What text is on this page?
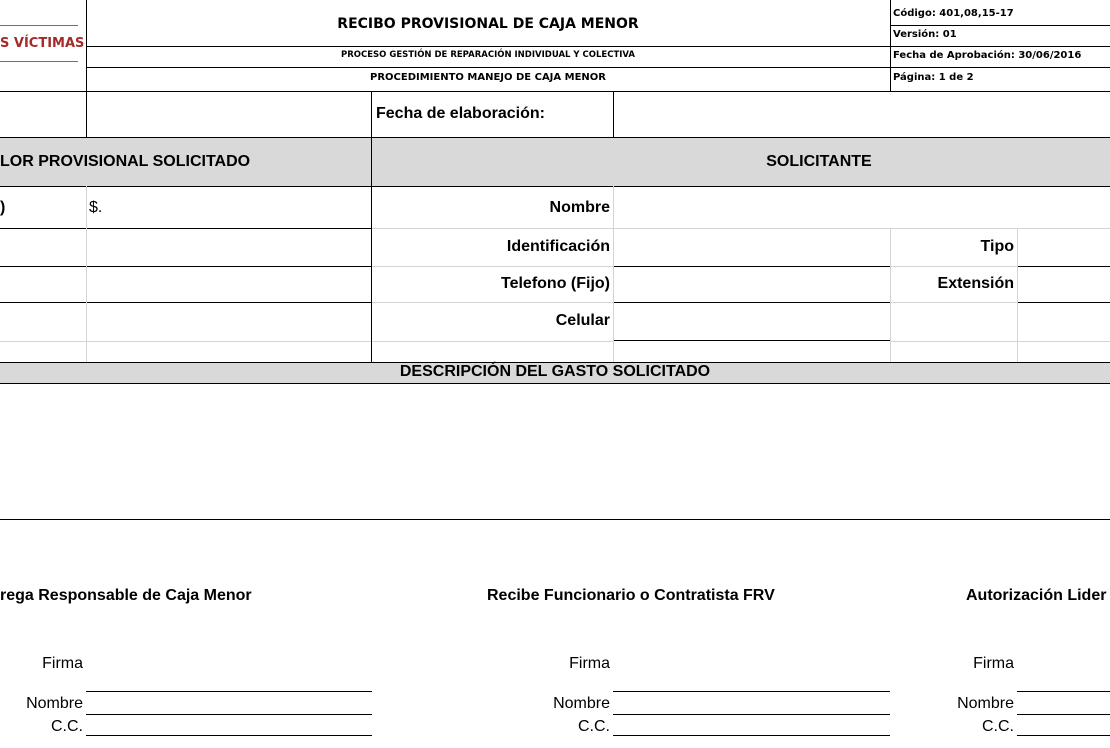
S VÍCTIMAS
RECIBO PROVISIONAL DE CAJA MENOR
PROCESO GESTIÓN DE REPARACIÓN INDIVIDUAL Y COLECTIVA
PROCEDIMIENTO MANEJO DE CAJA MENOR
Código: 401,08,15-17
Versión: 01
Fecha de Aprobación: 30/06/2016
Página: 1 de 2
Fecha de elaboración:
LOR PROVISIONAL SOLICITADO	SOLICITANTE
)	$.	Nombre
Identificación	Tipo
Telefono (Fijo)	Extensión
Celular
DESCRIPCIÓN DEL GASTO SOLICITADO
rega Responsable de Caja Menor	Recibe Funcionario o Contratista FRV	Autorización Lider
Firma
Nombre
C.C.
Firma
Nombre
C.C.
Firma
Nombre
C.C.
